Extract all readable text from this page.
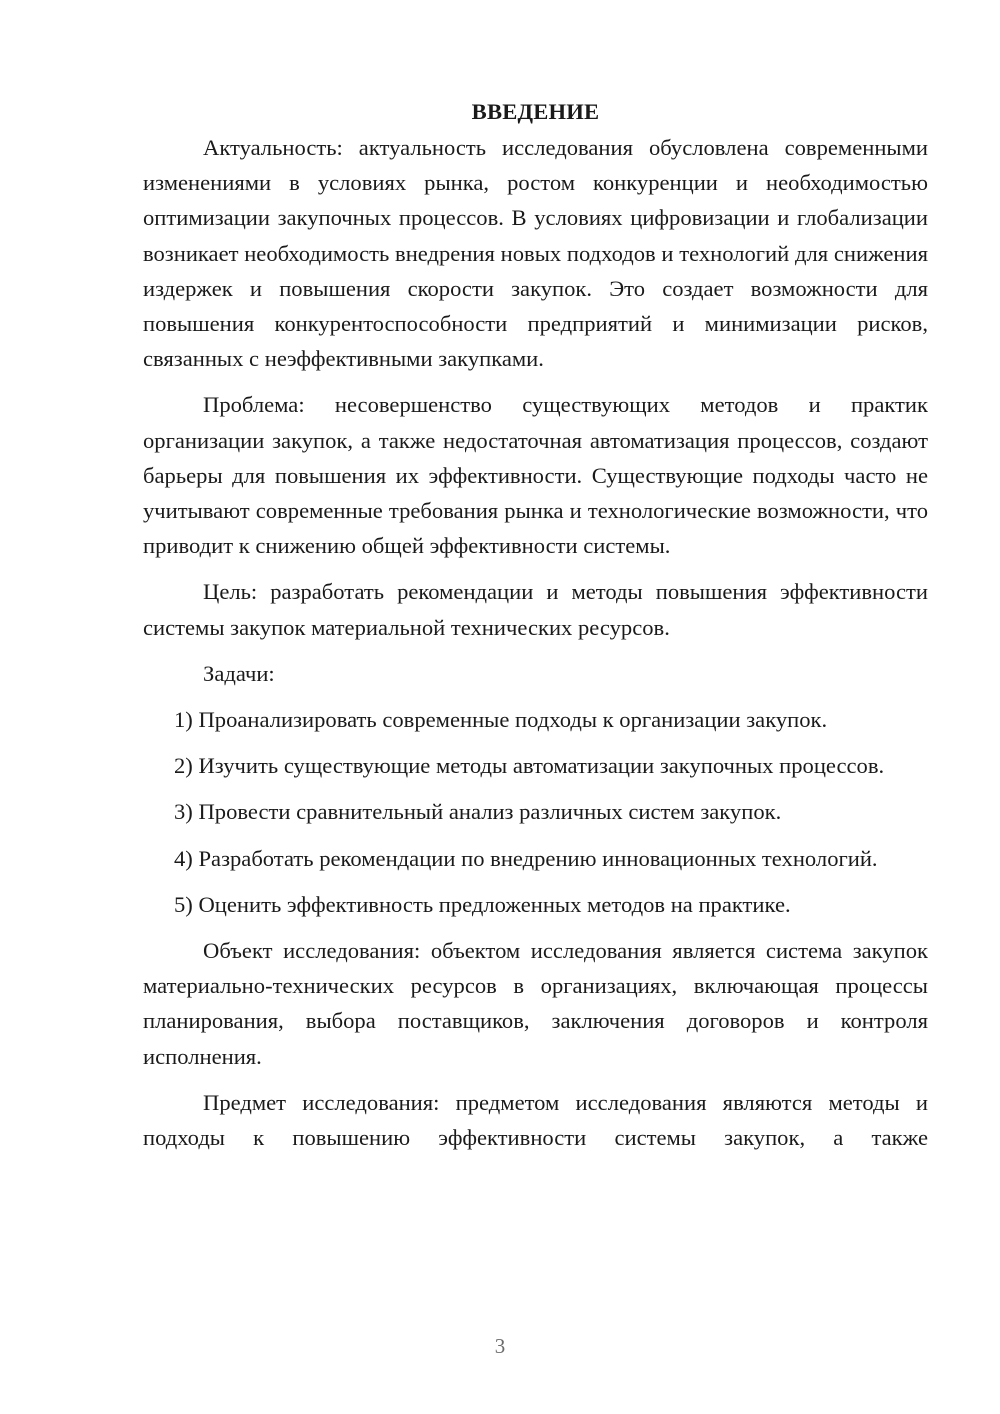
ВВЕДЕНИЕ

Актуальность: актуальность исследования обусловлена современными изменениями в условиях рынка, ростом конкуренции и необходимостью оптимизации закупочных процессов. В условиях цифровизации и глобализации возникает необходимость внедрения новых подходов и технологий для снижения издержек и повышения скорости закупок. Это создает возможности для повышения конкурентоспособности предприятий и минимизации рисков, связанных с неэффективными закупками.

Проблема: несовершенство существующих методов и практик организации закупок, а также недостаточная автоматизация процессов, создают барьеры для повышения их эффективности. Существующие подходы часто не учитывают современные требования рынка и технологические возможности, что приводит к снижению общей эффективности системы.

Цель: разработать рекомендации и методы повышения эффективности системы закупок материальной технических ресурсов.

Задачи:

1) Проанализировать современные подходы к организации закупок.

2) Изучить существующие методы автоматизации закупочных процессов.

3) Провести сравнительный анализ различных систем закупок.

4) Разработать рекомендации по внедрению инновационных технологий.

5) Оценить эффективность предложенных методов на практике.

Объект исследования: объектом исследования является система закупок материально-технических ресурсов в организациях, включающая процессы планирования, выбора поставщиков, заключения договоров и контроля исполнения.

Предмет исследования: предметом исследования являются методы и подходы к повышению эффективности системы закупок, а также

3
